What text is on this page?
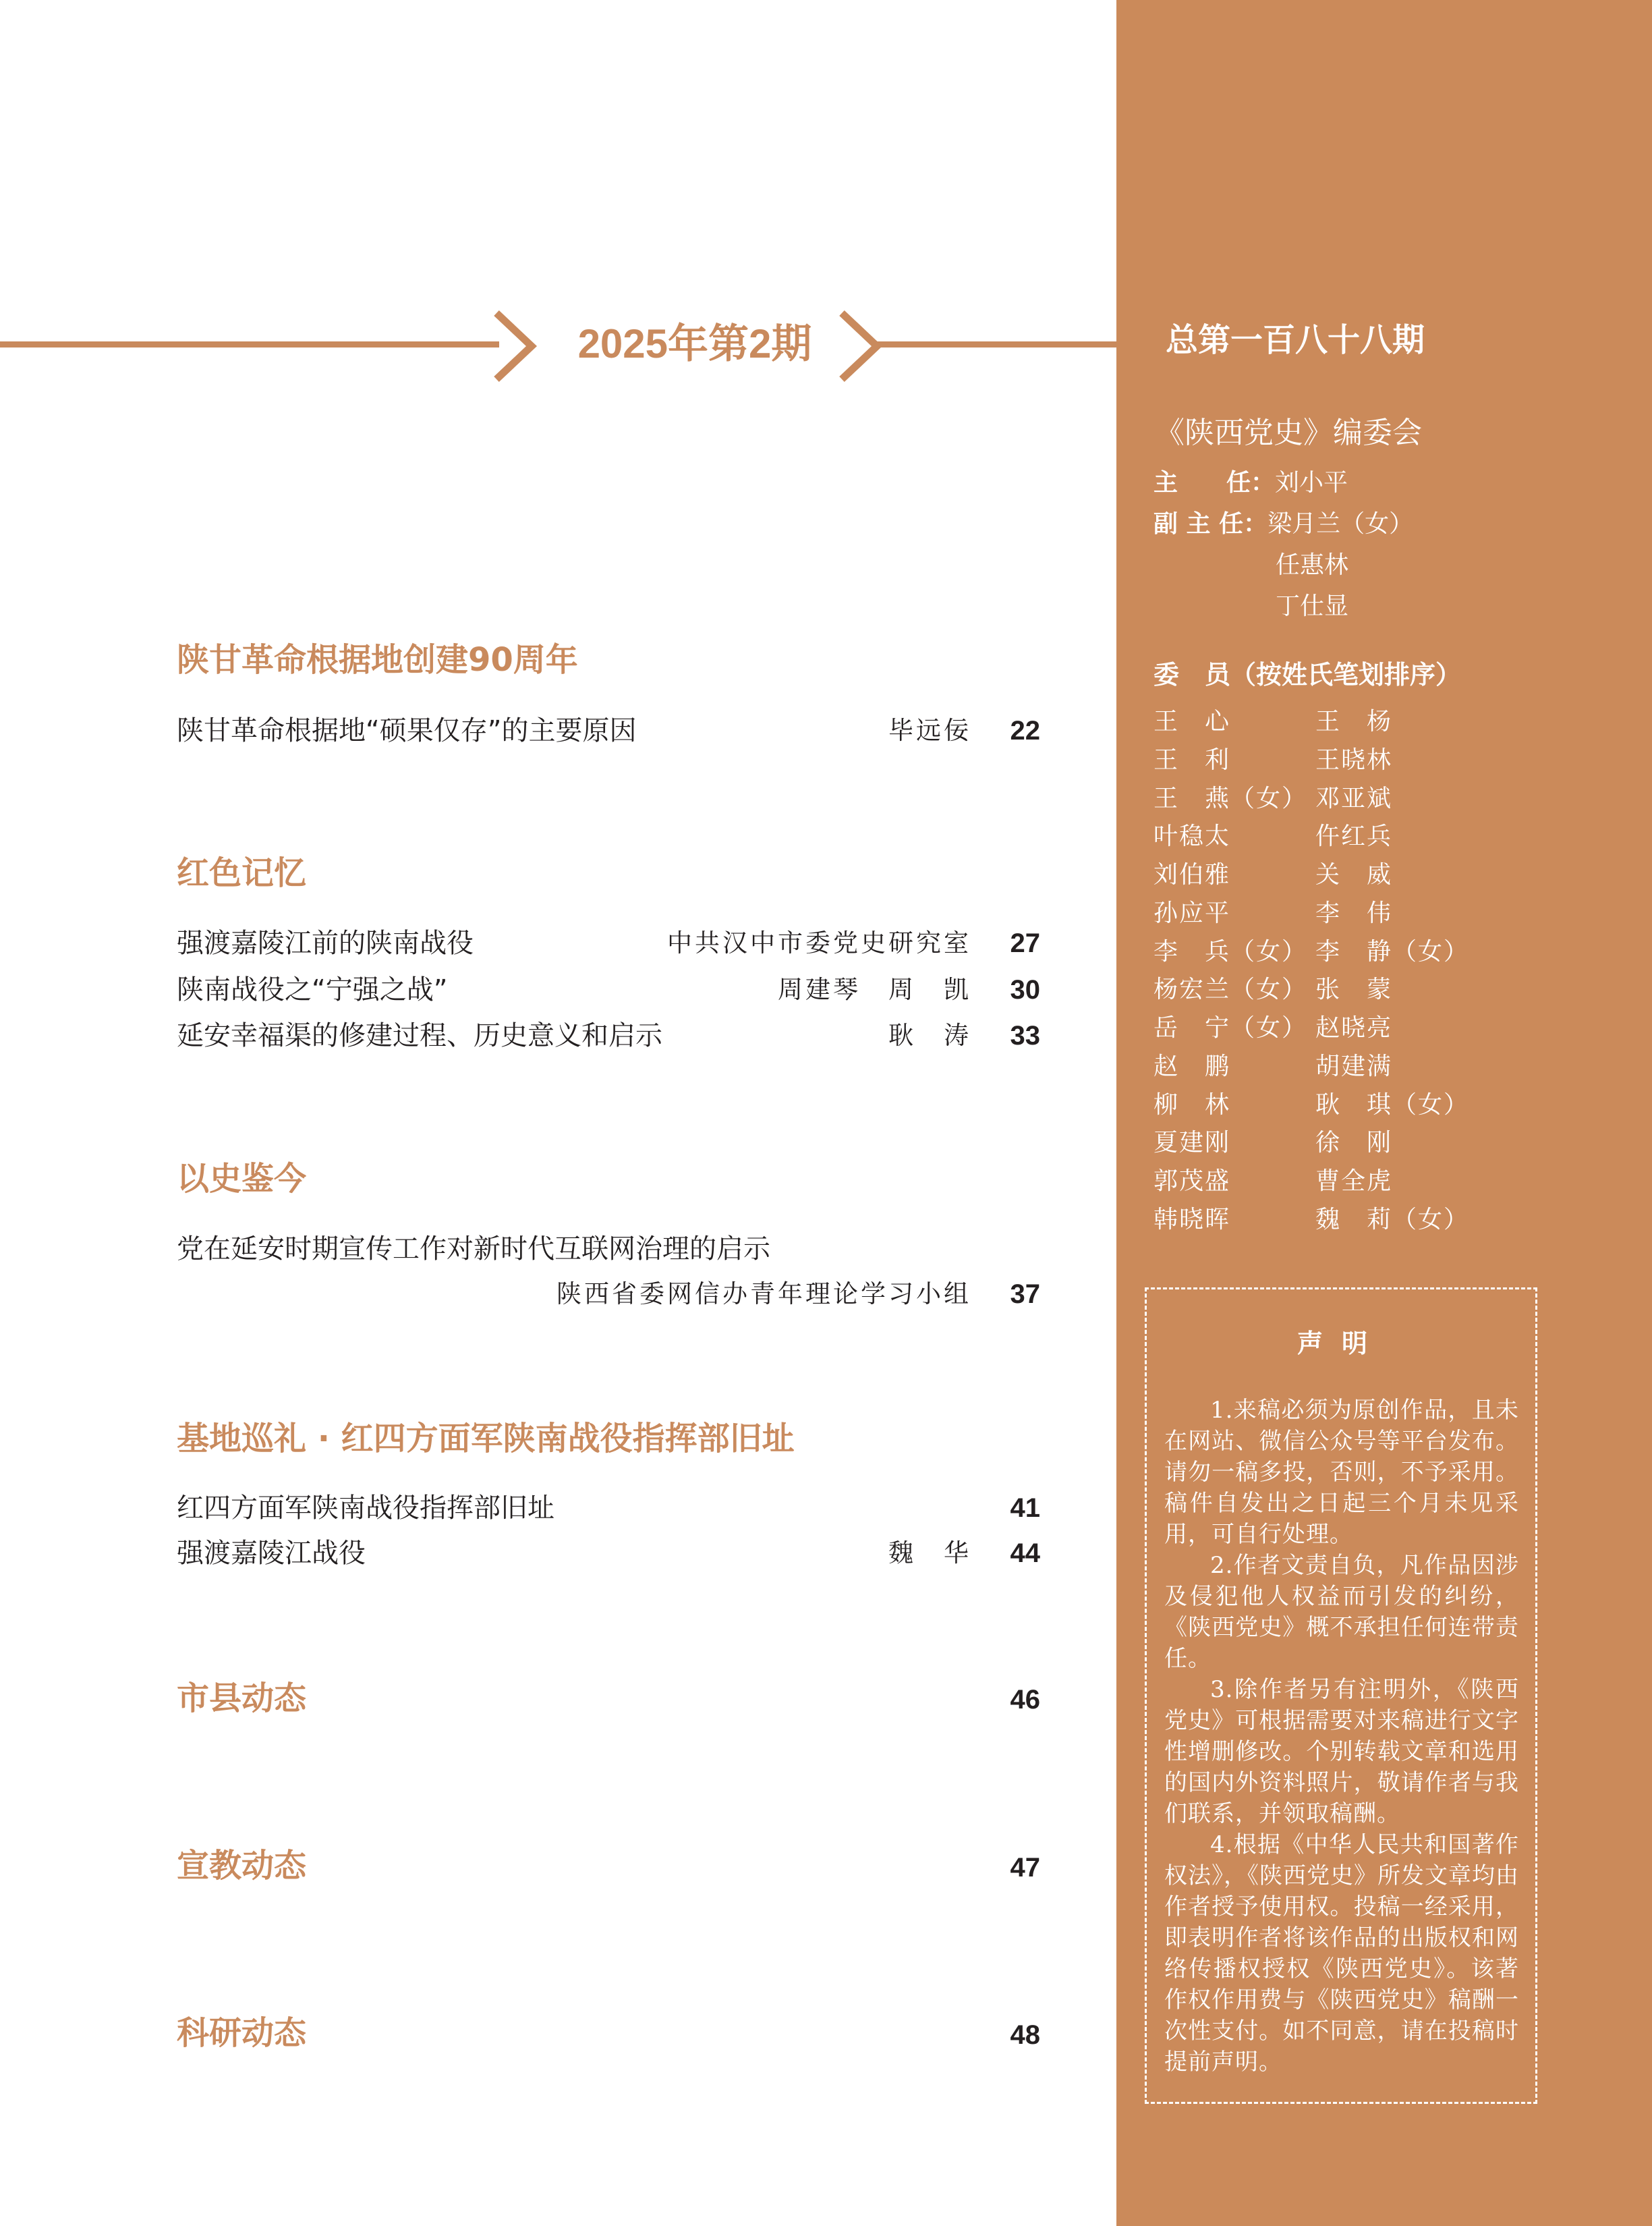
2025年第2期
陕甘革命根据地创建90周年
陕甘革命根据地“硕果仅存”的主要原因	毕远佞	22
红色记忆
强渡嘉陵江前的陕南战役	中共汉中市委党史研究室	27
陕南战役之“宁强之战”	周建琴　周　凯	30
延安幸福渠的修建过程、历史意义和启示	耿　涛	33
以史鉴今
党在延安时期宣传工作对新时代互联网治理的启示
陕西省委网信办青年理论学习小组	37
基地巡礼 · 红四方面军陕南战役指挥部旧址
红四方面军陕南战役指挥部旧址	41
强渡嘉陵江战役	魏　华	44
市县动态	46
宣教动态	47
科研动态	48
总第一百八十八期
《陕西党史》编委会
主　　任：刘小平
副 主 任：梁月兰（女）
任惠林
丁仕显
委　员（按姓氏笔划排序）
王　心	王　杨
王　利	王晓林
王　燕（女） 邓亚斌
叶稳太	仵红兵
刘伯雅	关　威
孙应平	李　伟
李　兵（女） 李　静（女）
杨宏兰（女） 张　蒙
岳　宁（女） 赵晓亮
赵　鹏	胡建满
柳　林	耿　琪（女）
夏建刚	徐　刚
郭茂盛	曹全虎
韩晓晖	魏　莉（女）
声明

1.来稿必须为原创作品，且未在网站、微信公众号等平台发布。请勿一稿多投，否则，不予采用。稿件自发出之日起三个月未见采用，可自行处理。

2.作者文责自负，凡作品因涉及侵犯他人权益而引发的纠纷，《陕西党史》概不承担任何连带责任。

3.除作者另有注明外，《陕西党史》可根据需要对来稿进行文字性增删修改。个别转载文章和选用的国内外资料照片，敬请作者与我们联系，并领取稿酬。

4.根据《中华人民共和国著作权法》，《陕西党史》所发文章均由作者授予使用权。投稿一经采用，即表明作者将该作品的出版权和网络传播权授权《陕西党史》。该著作权作用费与《陕西党史》稿酬一次性支付。如不同意，请在投稿时提前声明。
